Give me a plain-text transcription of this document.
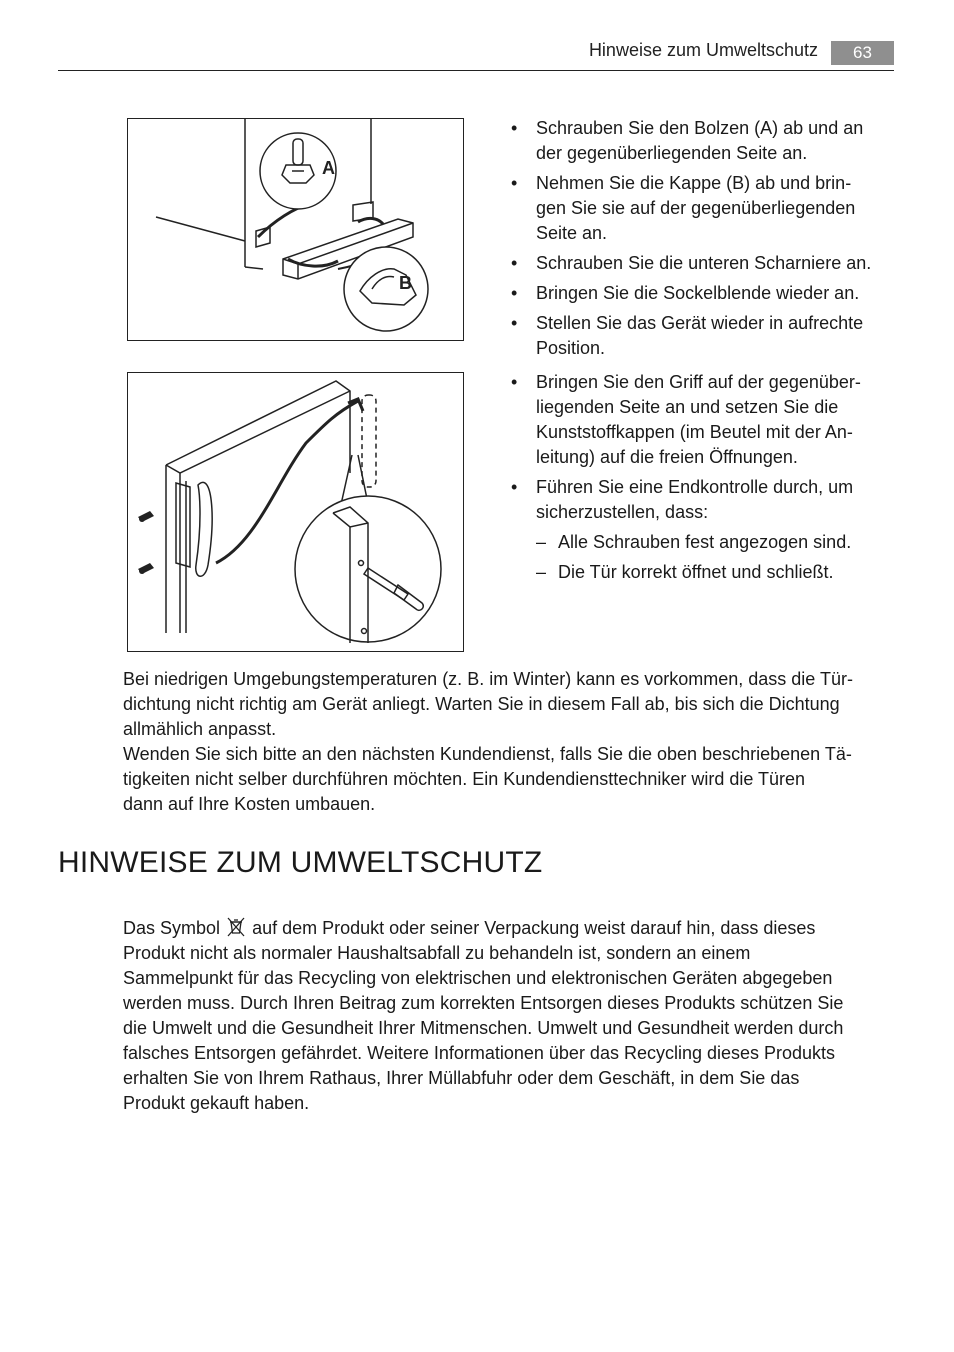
Hinweise zum Umweltschutz	63
A
B
• Schrauben Sie den Bolzen (A) ab und an
der gegenüberliegenden Seite an.
• Nehmen Sie die Kappe (B) ab und brin-
gen Sie sie auf der gegenüberliegenden
Seite an.
• Schrauben Sie die unteren Scharniere an.
• Bringen Sie die Sockelblende wieder an.
• Stellen Sie das Gerät wieder in aufrechte
Position.
• Bringen Sie den Griff auf der gegenüber-
liegenden Seite an und setzen Sie die
Kunststoffkappen (im Beutel mit der An-
leitung) auf die freien Öffnungen.
• Führen Sie eine Endkontrolle durch, um
sicherzustellen, dass:
– Alle Schrauben fest angezogen sind.
– Die Tür korrekt öffnet und schließt.

Bei niedrigen Umgebungstemperaturen (z. B. im Winter) kann es vorkommen, dass die Tür-
dichtung nicht richtig am Gerät anliegt. Warten Sie in diesem Fall ab, bis sich die Dichtung
allmählich anpasst.

Wenden Sie sich bitte an den nächsten Kundendienst, falls Sie die oben beschriebenen Tä-
tigkeiten nicht selber durchführen möchten. Ein Kundendiensttechniker wird die Türen
dann auf Ihre Kosten umbauen.

HINWEISE ZUM UMWELTSCHUTZ

Das Symbol auf dem Produkt oder seiner Verpackung weist darauf hin, dass dieses
Produkt nicht als normaler Haushaltsabfall zu behandeln ist, sondern an einem
Sammelpunkt für das Recycling von elektrischen und elektronischen Geräten abgegeben
werden muss. Durch Ihren Beitrag zum korrekten Entsorgen dieses Produkts schützen Sie
die Umwelt und die Gesundheit Ihrer Mitmenschen. Umwelt und Gesundheit werden durch
falsches Entsorgen gefährdet. Weitere Informationen über das Recycling dieses Produkts
erhalten Sie von Ihrem Rathaus, Ihrer Müllabfuhr oder dem Geschäft, in dem Sie das
Produkt gekauft haben.
